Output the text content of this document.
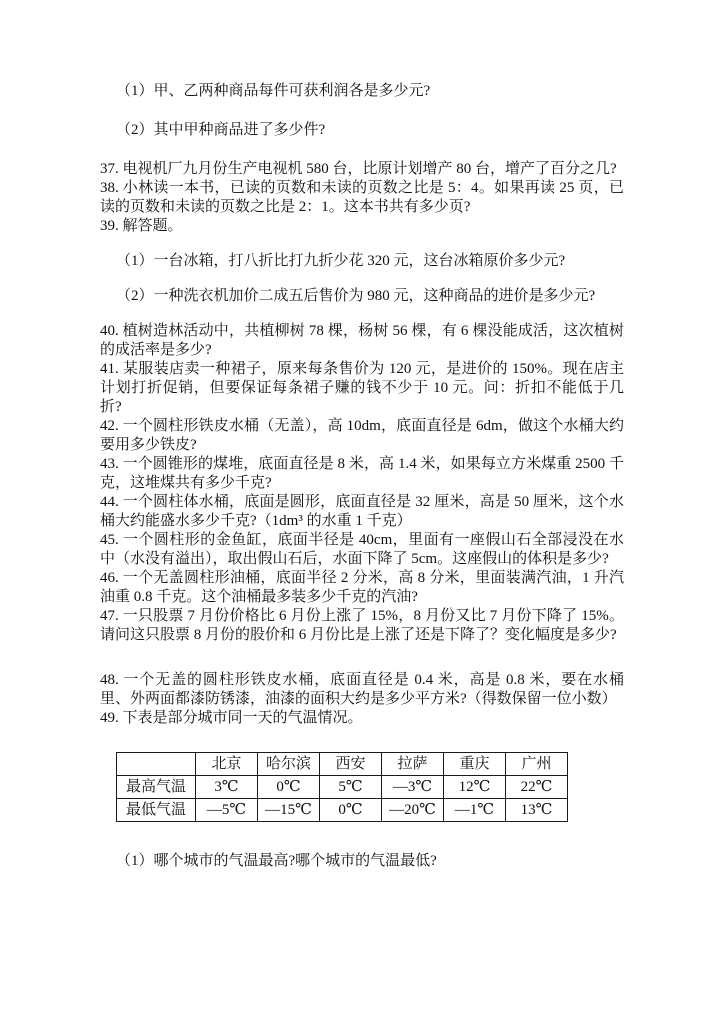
（1）甲、乙两种商品每件可获利润各是多少元?

（2）其中甲种商品进了多少件?

37. 电视机厂九月份生产电视机 580 台，比原计划增产 80 台，增产了百分之几?

38. 小林读一本书，已读的页数和未读的页数之比是 5：4。如果再读 25 页，已读的页数和未读的页数之比是 2：1。这本书共有多少页?

39. 解答题。

（1）一台冰箱，打八折比打九折少花 320 元，这台冰箱原价多少元?

（2）一种洗衣机加价二成五后售价为 980 元，这种商品的进价是多少元?

40. 植树造林活动中，共植柳树 78 棵，杨树 56 棵，有 6 棵没能成活，这次植树的成活率是多少?

41. 某服装店卖一种裙子，原来每条售价为 120 元，是进价的 150%。现在店主计划打折促销，但要保证每条裙子赚的钱不少于 10 元。问：折扣不能低于几折?

42. 一个圆柱形铁皮水桶（无盖），高 10dm，底面直径是 6dm，做这个水桶大约要用多少铁皮?

43. 一个圆锥形的煤堆，底面直径是 8 米，高 1.4 米，如果每立方米煤重 2500 千克，这堆煤共有多少千克?

44. 一个圆柱体水桶，底面是圆形，底面直径是 32 厘米，高是 50 厘米，这个水桶大约能盛水多少千克?（1dm³ 的水重 1 千克）

45. 一个圆柱形的金鱼缸，底面半径是 40cm，里面有一座假山石全部浸没在水中（水没有溢出），取出假山石后，水面下降了 5cm。这座假山的体积是多少?

46. 一个无盖圆柱形油桶，底面半径 2 分米，高 8 分米，里面装满汽油，1 升汽油重 0.8 千克。这个油桶最多装多少千克的汽油?

47. 一只股票 7 月份价格比 6 月份上涨了 15%，8 月份又比 7 月份下降了 15%。请问这只股票 8 月份的股价和 6 月份比是上涨了还是下降了？变化幅度是多少?

48. 一个无盖的圆柱形铁皮水桶，底面直径是 0.4 米，高是 0.8 米，要在水桶里、外两面都漆防锈漆，油漆的面积大约是多少平方米?（得数保留一位小数）

49. 下表是部分城市同一天的气温情况。

	北京	哈尔滨	西安	拉萨	重庆	广州
最高气温	3℃	0℃	5℃	—3℃	12℃	22℃
最低气温	—5℃	—15℃	0℃	—20℃	—1℃	13℃

（1）哪个城市的气温最高?哪个城市的气温最低?
